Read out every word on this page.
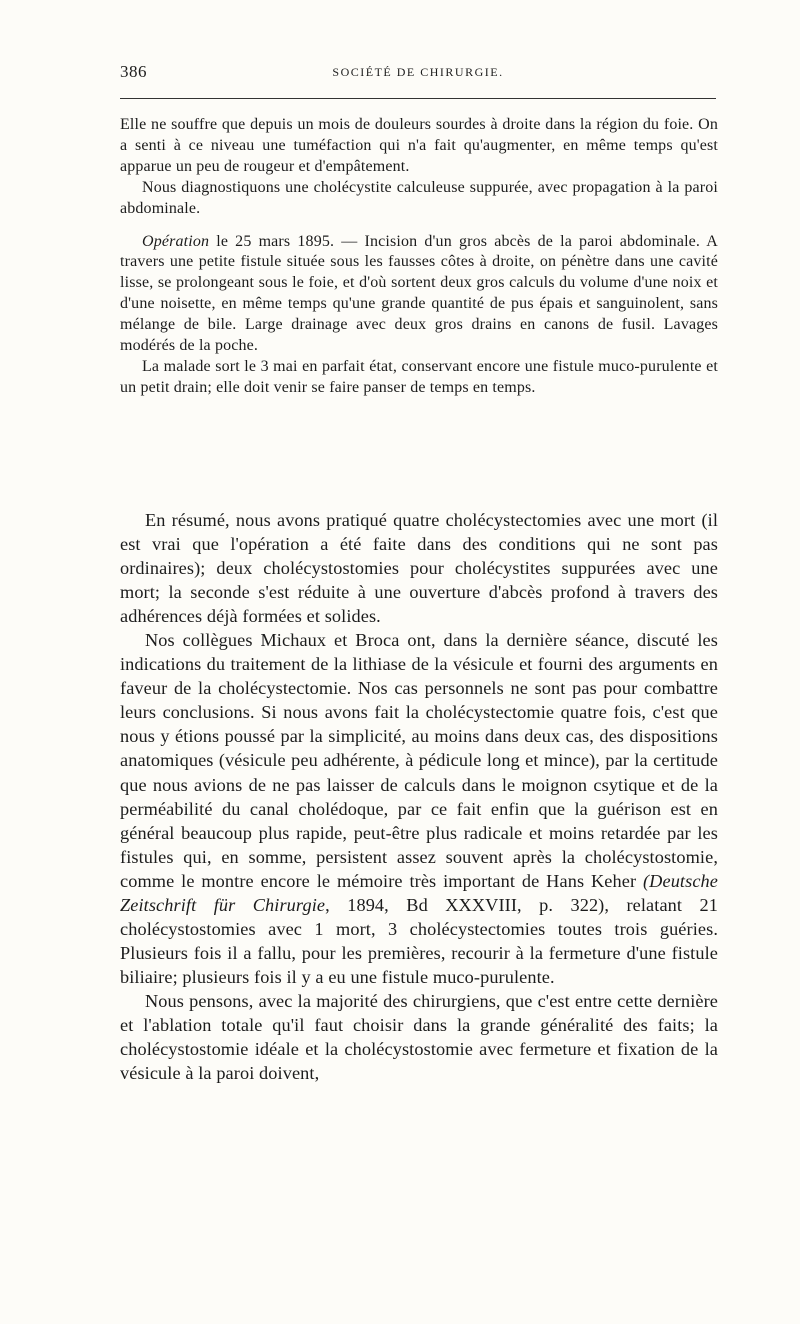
386	SOCIÉTÉ DE CHIRURGIE.

Elle ne souffre que depuis un mois de douleurs sourdes à droite dans la région du foie. On a senti à ce niveau une tuméfaction qui n'a fait qu'augmenter, en même temps qu'est apparue un peu de rougeur et d'empâtement.

Nous diagnostiquons une cholécystite calculeuse suppurée, avec propagation à la paroi abdominale.

Opération le 25 mars 1895. — Incision d'un gros abcès de la paroi abdominale. A travers une petite fistule située sous les fausses côtes à droite, on pénètre dans une cavité lisse, se prolongeant sous le foie, et d'où sortent deux gros calculs du volume d'une noix et d'une noisette, en même temps qu'une grande quantité de pus épais et sanguinolent, sans mélange de bile. Large drainage avec deux gros drains en canons de fusil. Lavages modérés de la poche.

La malade sort le 3 mai en parfait état, conservant encore une fistule muco-purulente et un petit drain; elle doit venir se faire panser de temps en temps.

En résumé, nous avons pratiqué quatre cholécystectomies avec une mort (il est vrai que l'opération a été faite dans des conditions qui ne sont pas ordinaires); deux cholécystostomies pour cholécystites suppurées avec une mort; la seconde s'est réduite à une ouverture d'abcès profond à travers des adhérences déjà formées et solides.

Nos collègues Michaux et Broca ont, dans la dernière séance, discuté les indications du traitement de la lithiase de la vésicule et fourni des arguments en faveur de la cholécystectomie. Nos cas personnels ne sont pas pour combattre leurs conclusions. Si nous avons fait la cholécystectomie quatre fois, c'est que nous y étions poussé par la simplicité, au moins dans deux cas, des dispositions anatomiques (vésicule peu adhérente, à pédicule long et mince), par la certitude que nous avions de ne pas laisser de calculs dans le moignon csytique et de la perméabilité du canal cholédoque, par ce fait enfin que la guérison est en général beaucoup plus rapide, peut-être plus radicale et moins retardée par les fistules qui, en somme, persistent assez souvent après la cholécystostomie, comme le montre encore le mémoire très important de Hans Keher (Deutsche Zeitschrift für Chirurgie, 1894, Bd XXXVIII, p. 322), relatant 21 cholécystostomies avec 1 mort, 3 cholécystectomies toutes trois guéries. Plusieurs fois il a fallu, pour les premières, recourir à la fermeture d'une fistule biliaire; plusieurs fois il y a eu une fistule muco-purulente.

Nous pensons, avec la majorité des chirurgiens, que c'est entre cette dernière et l'ablation totale qu'il faut choisir dans la grande généralité des faits; la cholécystostomie idéale et la cholécystostomie avec fermeture et fixation de la vésicule à la paroi doivent,
